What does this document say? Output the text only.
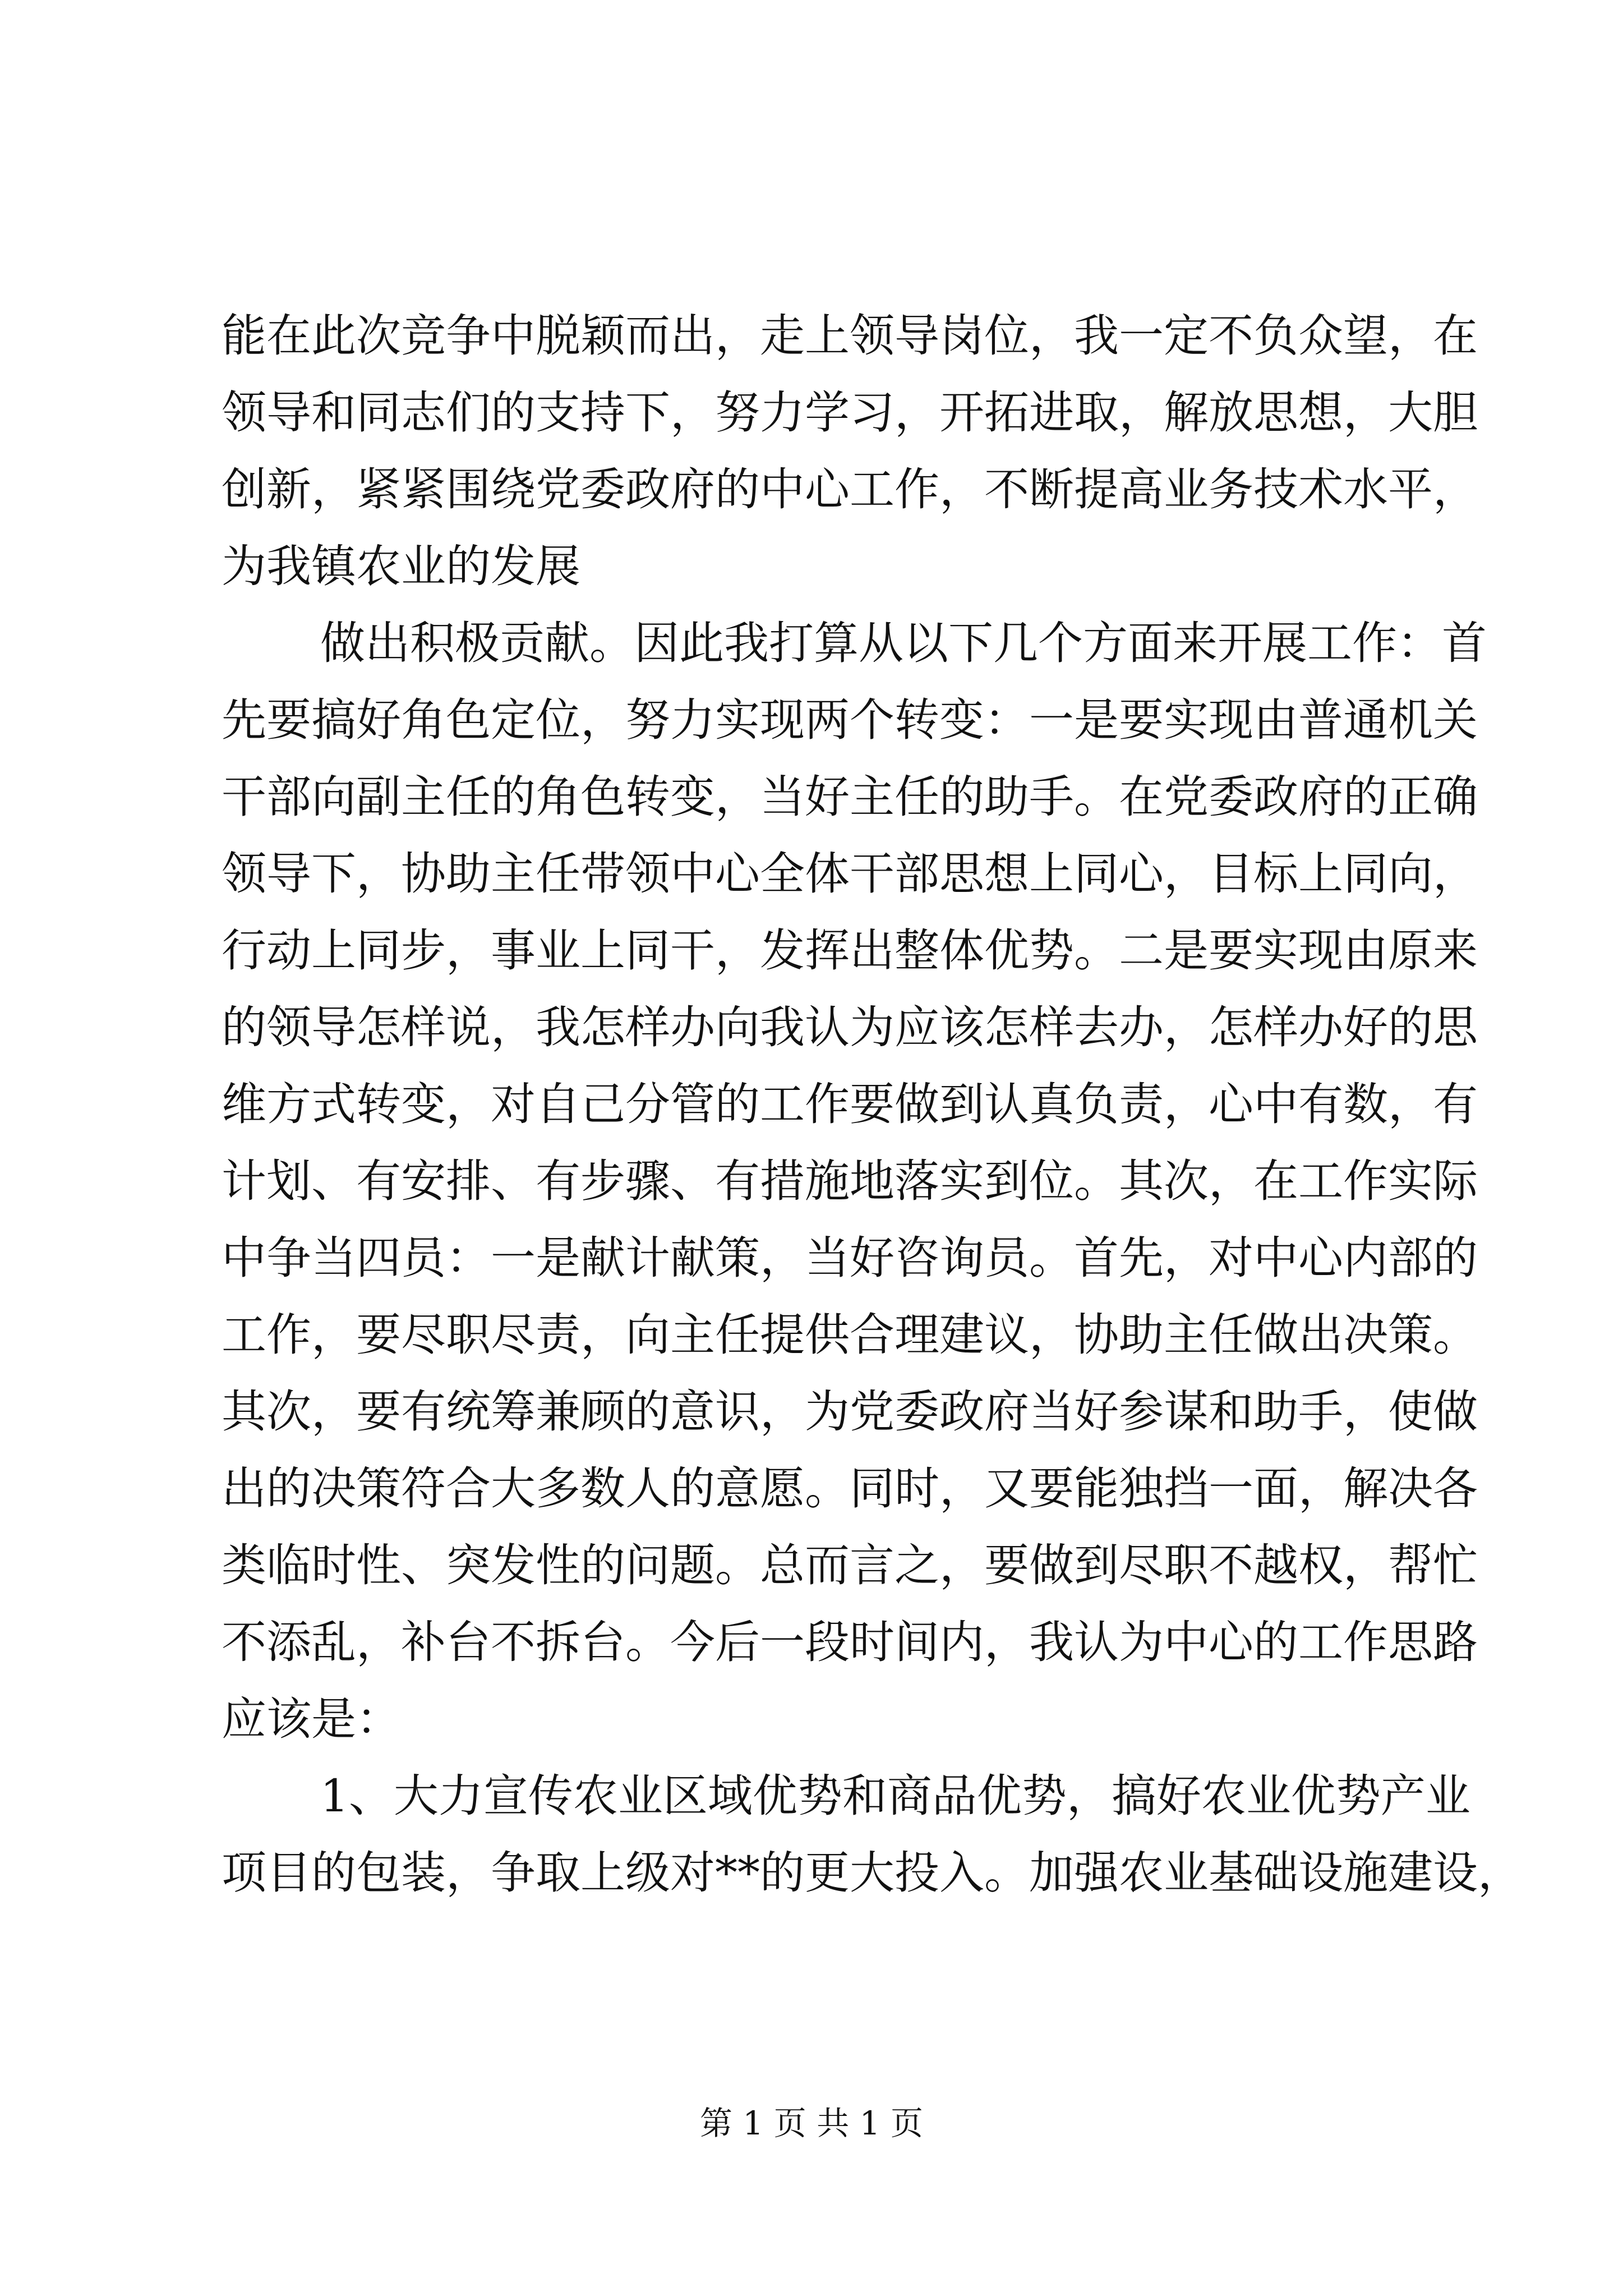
能在此次竞争中脱颖而出，走上领导岗位，我一定不负众望，在
领导和同志们的支持下，努力学习，开拓进取，解放思想，大胆
创新，紧紧围绕党委政府的中心工作，不断提高业务技术水平，
为我镇农业的发展
做出积极贡献。因此我打算从以下几个方面来开展工作：首
先要搞好角色定位，努力实现两个转变：一是要实现由普通机关
干部向副主任的角色转变，当好主任的助手。在党委政府的正确
领导下，协助主任带领中心全体干部思想上同心，目标上同向，
行动上同步，事业上同干，发挥出整体优势。二是要实现由原来
的领导怎样说，我怎样办向我认为应该怎样去办，怎样办好的思
维方式转变，对自己分管的工作要做到认真负责，心中有数，有
计划、有安排、有步骤、有措施地落实到位。其次，在工作实际
中争当四员：一是献计献策，当好咨询员。首先，对中心内部的
工作，要尽职尽责，向主任提供合理建议，协助主任做出决策。
其次，要有统筹兼顾的意识，为党委政府当好参谋和助手，使做
出的决策符合大多数人的意愿。同时，又要能独挡一面，解决各
类临时性、突发性的问题。总而言之，要做到尽职不越权，帮忙
不添乱，补台不拆台。今后一段时间内，我认为中心的工作思路
应该是：
1、大力宣传农业区域优势和商品优势，搞好农业优势产业
项目的包装，争取上级对**的更大投入。加强农业基础设施建设，
第 1 页 共 1 页
